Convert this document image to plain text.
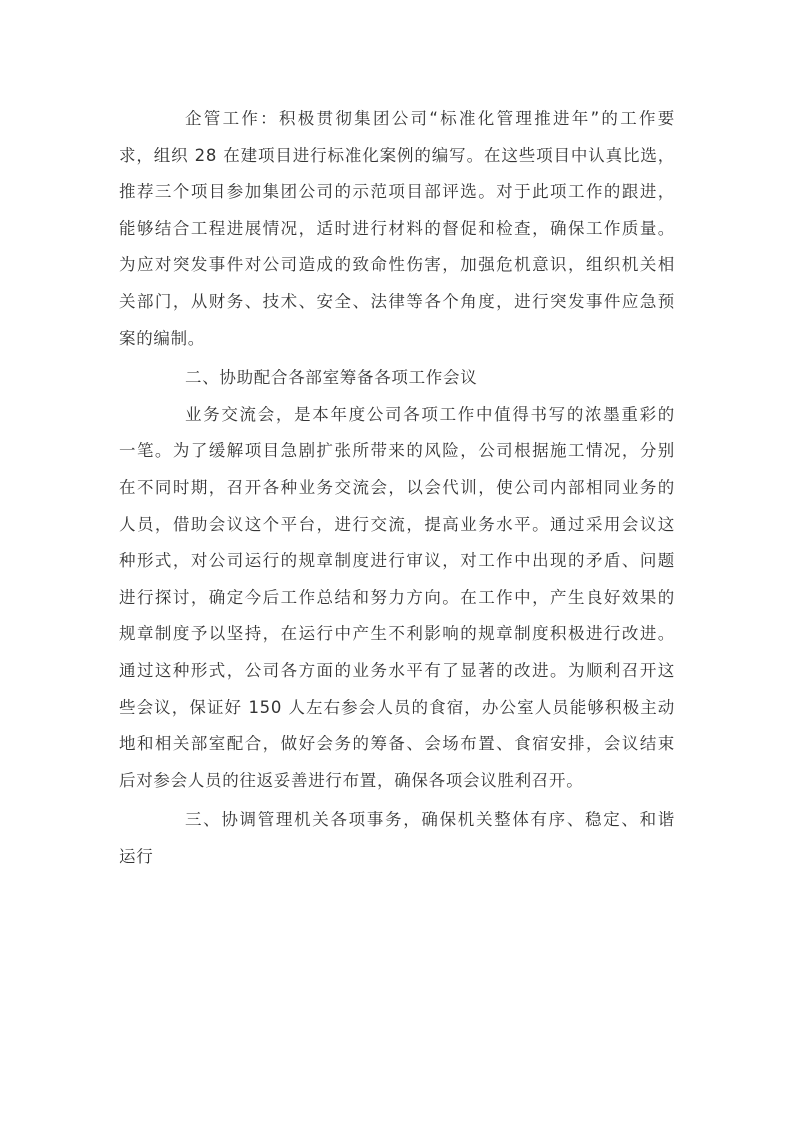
企管工作：积极贯彻集团公司“标准化管理推进年”的工作要
求，组织 28 在建项目进行标准化案例的编写。在这些项目中认真比选，
推荐三个项目参加集团公司的示范项目部评选。对于此项工作的跟进，
能够结合工程进展情况，适时进行材料的督促和检查，确保工作质量。
为应对突发事件对公司造成的致命性伤害，加强危机意识，组织机关相
关部门，从财务、技术、安全、法律等各个角度，进行突发事件应急预
案的编制。
二、协助配合各部室筹备各项工作会议
业务交流会，是本年度公司各项工作中值得书写的浓墨重彩的
一笔。为了缓解项目急剧扩张所带来的风险，公司根据施工情况，分别
在不同时期，召开各种业务交流会，以会代训，使公司内部相同业务的
人员，借助会议这个平台，进行交流，提高业务水平。通过采用会议这
种形式，对公司运行的规章制度进行审议，对工作中出现的矛盾、问题
进行探讨，确定今后工作总结和努力方向。在工作中，产生良好效果的
规章制度予以坚持，在运行中产生不利影响的规章制度积极进行改进。
通过这种形式，公司各方面的业务水平有了显著的改进。为顺利召开这
些会议，保证好 150 人左右参会人员的食宿，办公室人员能够积极主动
地和相关部室配合，做好会务的筹备、会场布置、食宿安排，会议结束
后对参会人员的往返妥善进行布置，确保各项会议胜利召开。
三、协调管理机关各项事务，确保机关整体有序、稳定、和谐
运行
